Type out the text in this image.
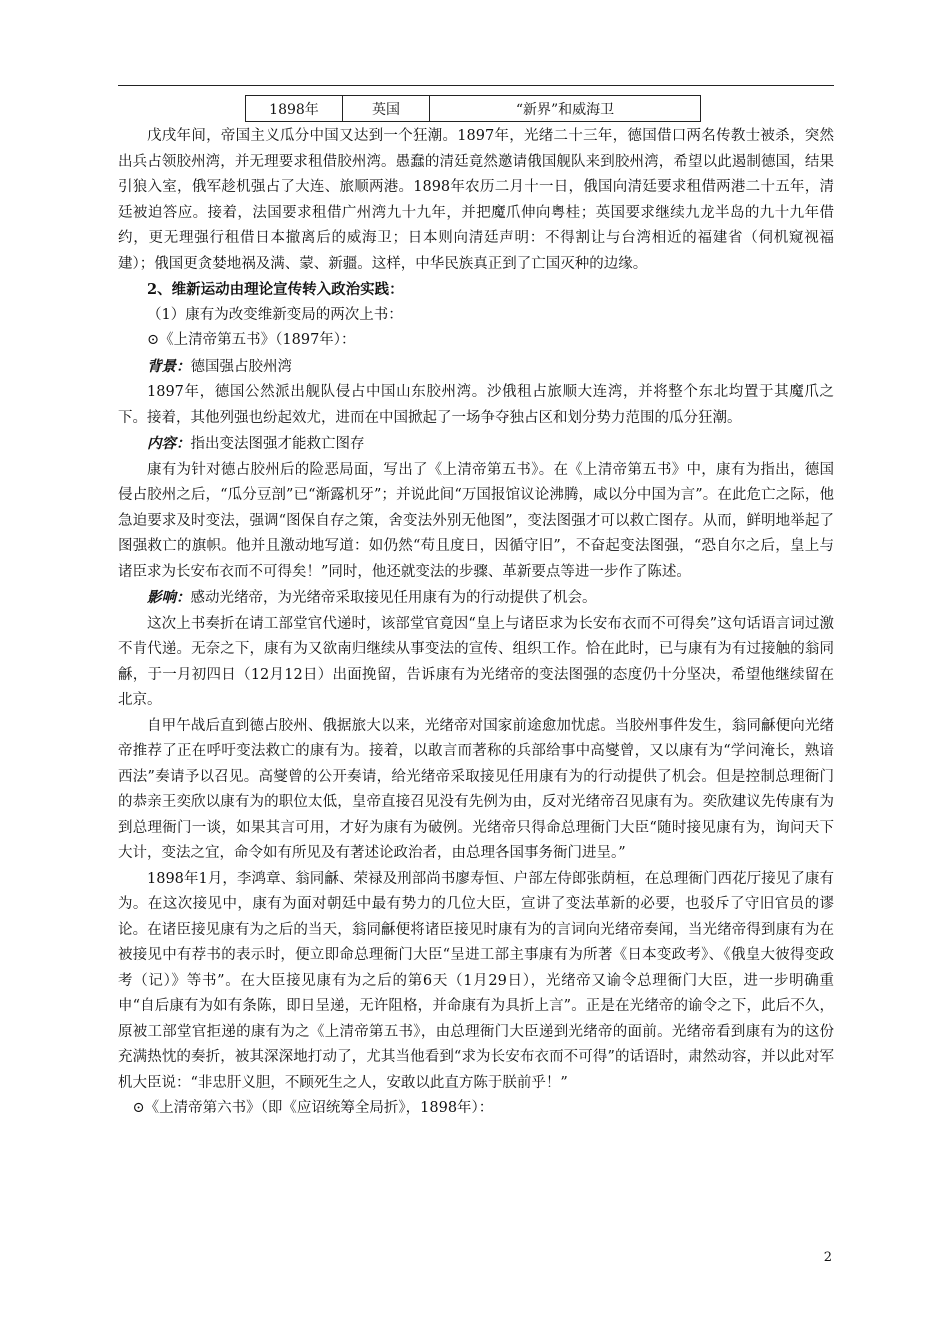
1898年	英国	“新界”和威海卫

戊戌年间，帝国主义瓜分中国又达到一个狂潮。1897年，光绪二十三年，德国借口两名传教士被杀，突然出兵占领胶州湾，并无理要求租借胶州湾。愚蠢的清廷竟然邀请俄国舰队来到胶州湾，希望以此遏制德国，结果引狼入室，俄军趁机强占了大连、旅顺两港。1898年农历二月十一日，俄国向清廷要求租借两港二十五年，清廷被迫答应。接着，法国要求租借广州湾九十九年，并把魔爪伸向粤桂；英国要求继续九龙半岛的九十九年借约，更无理强行租借日本撤离后的威海卫；日本则向清廷声明：不得割让与台湾相近的福建省（伺机窥视福建）；俄国更贪婪地祸及满、蒙、新疆。这样，中华民族真正到了亡国灭种的边缘。

2、维新运动由理论宣传转入政治实践：

（1）康有为改变维新变局的两次上书：

⊙《上清帝第五书》（1897年）：

背景：德国强占胶州湾

1897年，德国公然派出舰队侵占中国山东胶州湾。沙俄租占旅顺大连湾，并将整个东北均置于其魔爪之下。接着，其他列强也纷起效尤，进而在中国掀起了一场争夺独占区和划分势力范围的瓜分狂潮。

内容：指出变法图强才能救亡图存

康有为针对德占胶州后的险恶局面，写出了《上清帝第五书》。在《上清帝第五书》中，康有为指出，德国侵占胶州之后，“瓜分豆剖”已“渐露机牙”；并说此间“万国报馆议论沸腾，咸以分中国为言”。在此危亡之际，他急迫要求及时变法，强调“图保自存之策，舍变法外别无他图”，变法图强才可以救亡图存。从而，鲜明地举起了图强救亡的旗帜。他并且激动地写道：如仍然“苟且度日，因循守旧”，不奋起变法图强，“恐自尔之后，皇上与诸臣求为长安布衣而不可得矣！”同时，他还就变法的步骤、革新要点等进一步作了陈述。

影响：感动光绪帝，为光绪帝采取接见任用康有为的行动提供了机会。

这次上书奏折在请工部堂官代递时，该部堂官竟因“皇上与诸臣求为长安布衣而不可得矣”这句话语言词过激不肯代递。无奈之下，康有为又欲南归继续从事变法的宣传、组织工作。恰在此时，已与康有为有过接触的翁同龢，于一月初四日（12月12日）出面挽留，告诉康有为光绪帝的变法图强的态度仍十分坚决，希望他继续留在北京。

自甲午战后直到德占胶州、俄据旅大以来，光绪帝对国家前途愈加忧虑。当胶州事件发生，翁同龢便向光绪帝推荐了正在呼吁变法救亡的康有为。接着，以敢言而著称的兵部给事中高燮曾，又以康有为“学问淹长，熟谙西法”奏请予以召见。高燮曾的公开奏请，给光绪帝采取接见任用康有为的行动提供了机会。但是控制总理衙门的恭亲王奕欣以康有为的职位太低，皇帝直接召见没有先例为由，反对光绪帝召见康有为。奕欣建议先传康有为到总理衙门一谈，如果其言可用，才好为康有为破例。光绪帝只得命总理衙门大臣“随时接见康有为，询问天下大计，变法之宜，命令如有所见及有著述论政治者，由总理各国事务衙门进呈。”

1898年1月，李鸿章、翁同龢、荣禄及刑部尚书廖寿恒、户部左侍郎张荫桓，在总理衙门西花厅接见了康有为。在这次接见中，康有为面对朝廷中最有势力的几位大臣，宣讲了变法革新的必要，也驳斥了守旧官员的谬论。在诸臣接见康有为之后的当天，翁同龢便将诸臣接见时康有为的言词向光绪帝奏闻，当光绪帝得到康有为在被接见中有荐书的表示时，便立即命总理衙门大臣“呈进工部主事康有为所著《日本变政考》、《俄皇大彼得变政考（记）》等书”。在大臣接见康有为之后的第6天（1月29日），光绪帝又谕令总理衙门大臣，进一步明确重申“自后康有为如有条陈，即日呈递，无许阻格，并命康有为具折上言”。正是在光绪帝的谕令之下，此后不久，原被工部堂官拒递的康有为之《上清帝第五书》，由总理衙门大臣递到光绪帝的面前。光绪帝看到康有为的这份充满热忱的奏折，被其深深地打动了，尤其当他看到“求为长安布衣而不可得”的话语时，肃然动容，并以此对军机大臣说：“非忠肝义胆，不顾死生之人，安敢以此直方陈于朕前乎！”

⊙《上清帝第六书》（即《应诏统筹全局折》，1898年）：

2
